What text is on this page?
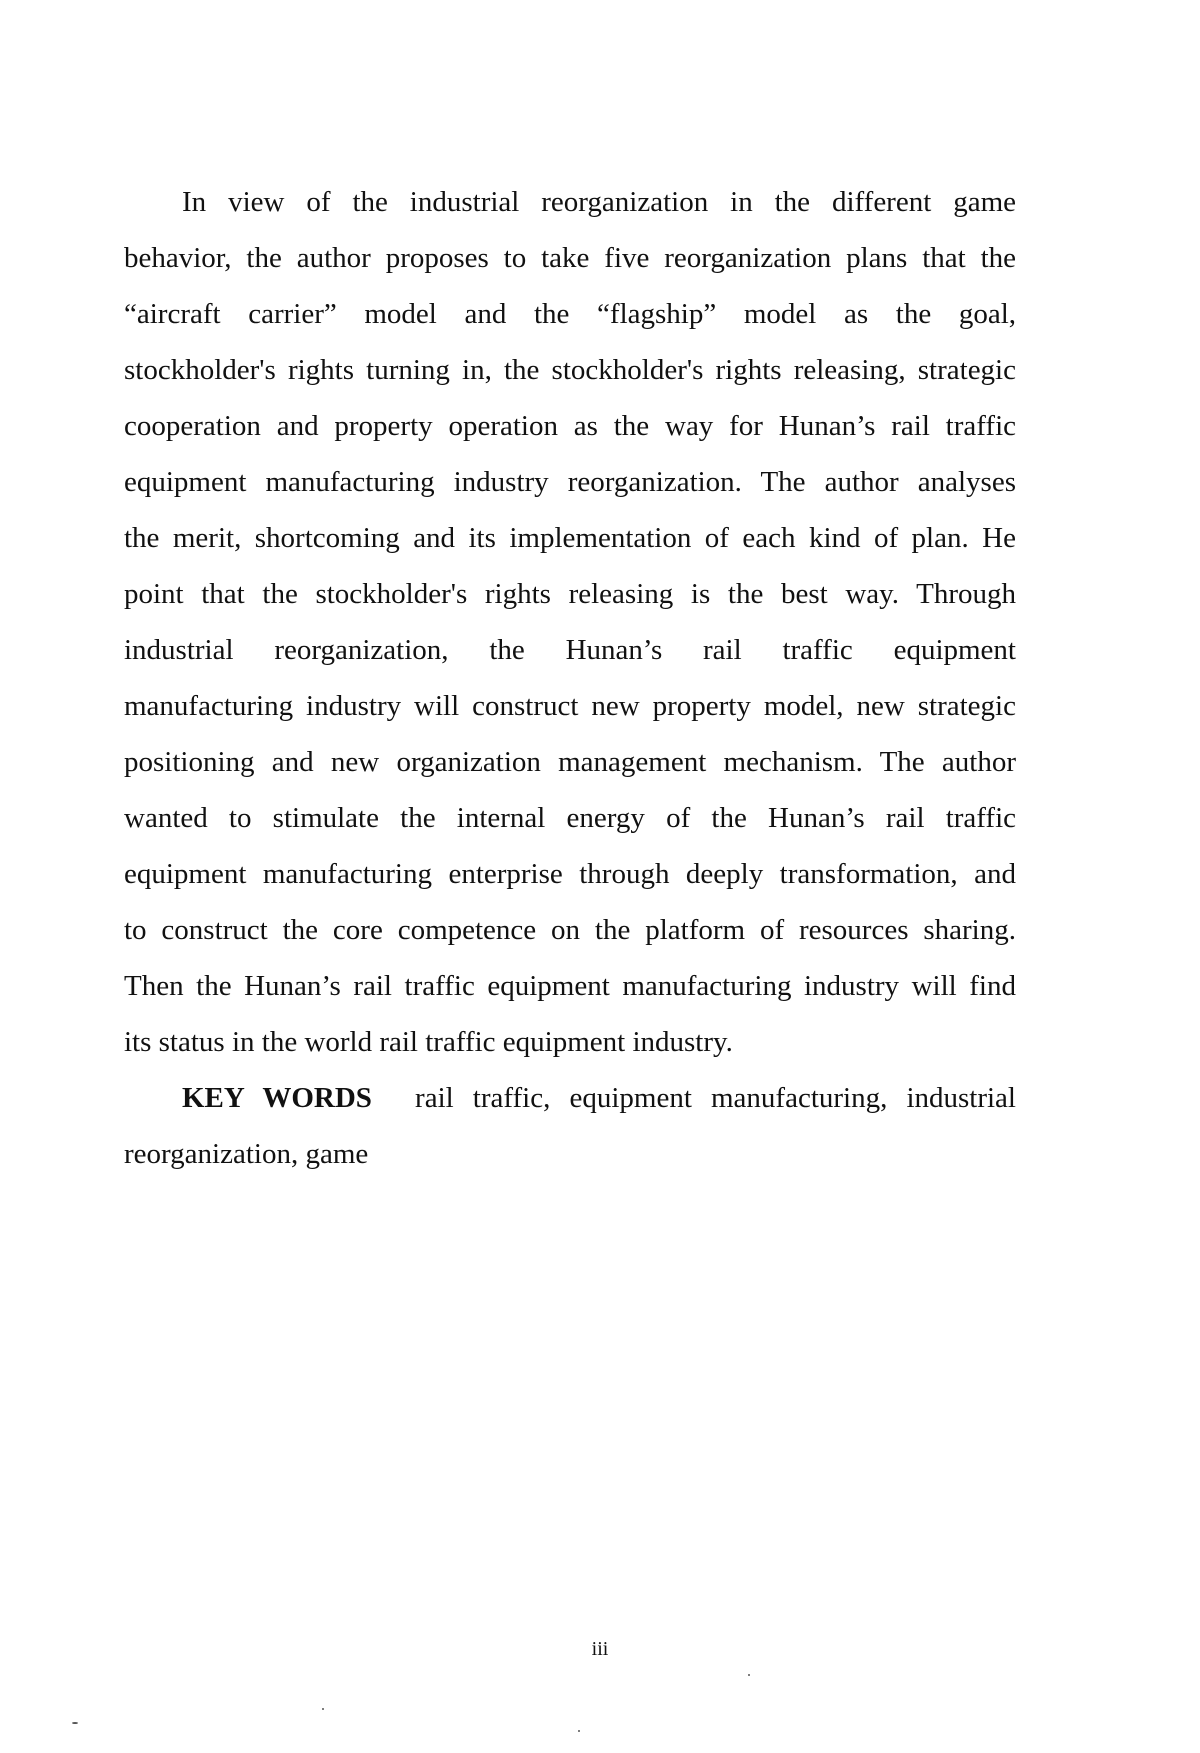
In view of the industrial reorganization in the different game
behavior, the author proposes to take five reorganization plans that the
“aircraft carrier” model and the “flagship” model as the goal,
stockholder's rights turning in, the stockholder's rights releasing, strategic
cooperation and property operation as the way for Hunan’s rail traffic
equipment manufacturing industry reorganization. The author analyses
the merit, shortcoming and its implementation of each kind of plan. He
point that the stockholder's rights releasing is the best way. Through
industrial reorganization, the Hunan’s rail traffic equipment
manufacturing industry will construct new property model, new strategic
positioning and new organization management mechanism. The author
wanted to stimulate the internal energy of the Hunan’s rail traffic
equipment manufacturing enterprise through deeply transformation, and
to construct the core competence on the platform of resources sharing.
Then the Hunan’s rail traffic equipment manufacturing industry will find
its status in the world rail traffic equipment industry.
KEY WORDS rail traffic, equipment manufacturing, industrial
reorganization, game
iii
